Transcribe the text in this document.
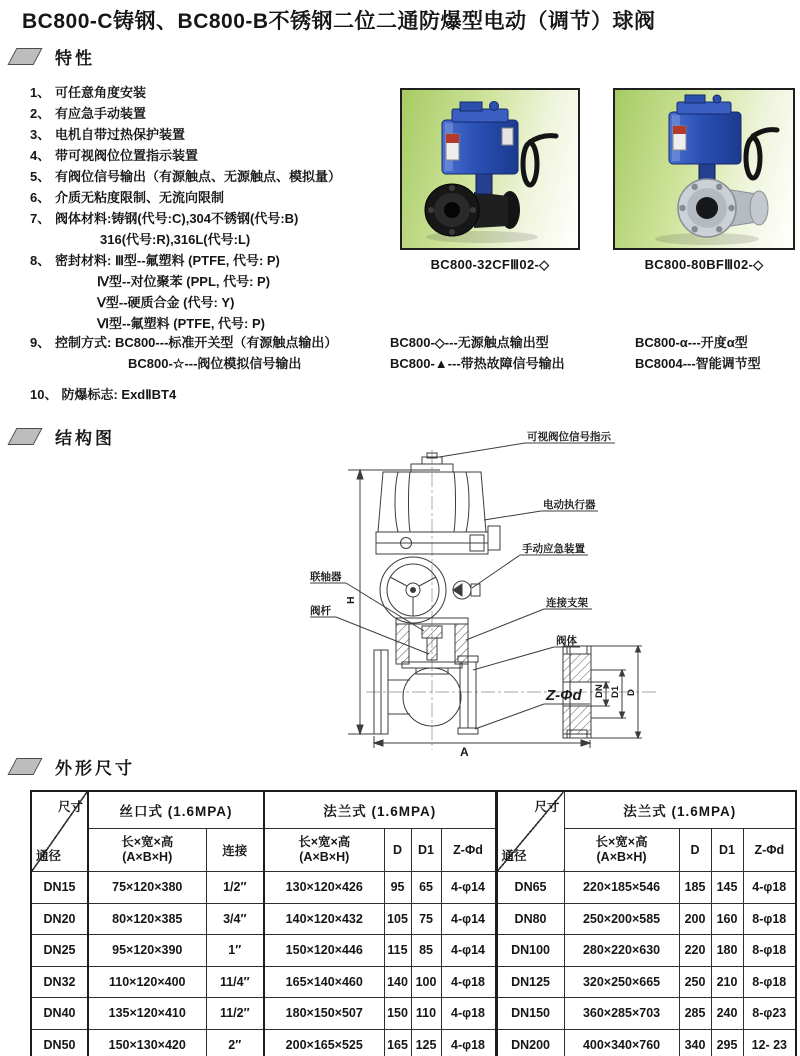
BC800-C铸钢、BC800-B不锈钢二位二通防爆型电动（调节）球阀
特性
1、 可任意角度安装
2、 有应急手动装置
3、 电机自带过热保护装置
4、 带可视阀位位置指示装置
5、 有阀位信号输出（有源触点、无源触点、模拟量）
6、 介质无粘度限制、无流向限制
7、 阀体材料:铸钢(代号:C),304不锈钢(代号:B)
316(代号:R),316L(代号:L)
8、 密封材料: Ⅲ型--氟塑料 (PTFE, 代号: P)
Ⅳ型--对位聚苯 (PPL, 代号: P)
Ⅴ型--硬质合金 (代号: Y)
Ⅵ型--氟塑料 (PTFE, 代号: P)
9、 控制方式: BC800---标准开关型（有源触点输出）
BC800-☆---阀位模拟信号输出
BC800-◇---无源触点输出型
BC800-▲---带热故障信号输出
BC800-α---开度α型
BC8004---智能调节型
10、 防爆标志: ExdⅡBT4
BC800-32CFⅢ02-◇	BC800-80BFⅢ02-◇
结构图	可视阀位信号指示
电动执行器
手动应急装置
连接支架
阀体
Z-Φd
联轴器
阀杆
H
A
DN D1 D
外形尺寸
尺寸
通径	丝口式 (1.6MPA)		法兰式 (1.6MPA)				尺寸
通径	法兰式 (1.6MPA)			

长×宽×高
(A×B×H)	连接	
长×宽×高
(A×B×H)	D	D1	Z-Φd	
长×宽×高
(A×B×H)	D	D1	Z-Φd
DN15	75×120×380	1/2″	130×120×426	95	65	4-φ14	DN65	220×185×546	185	145	4-φ18
DN20	80×120×385	3/4″	140×120×432	105	75	4-φ14	DN80	250×200×585	200	160	8-φ18
DN25	95×120×390	1″	150×120×446	115	85	4-φ14	DN100	280×220×630	220	180	8-φ18
DN32	110×120×400	11/4″	165×140×460	140	100	4-φ18	DN125	320×250×665	250	210	8-φ18
DN40	135×120×410	11/2″	180×150×507	150	110	4-φ18	DN150	360×285×703	285	240	8-φ23
DN50	150×130×420	2″	200×165×525	165	125	4-φ18	DN200	400×340×760	340	295	12- 23
